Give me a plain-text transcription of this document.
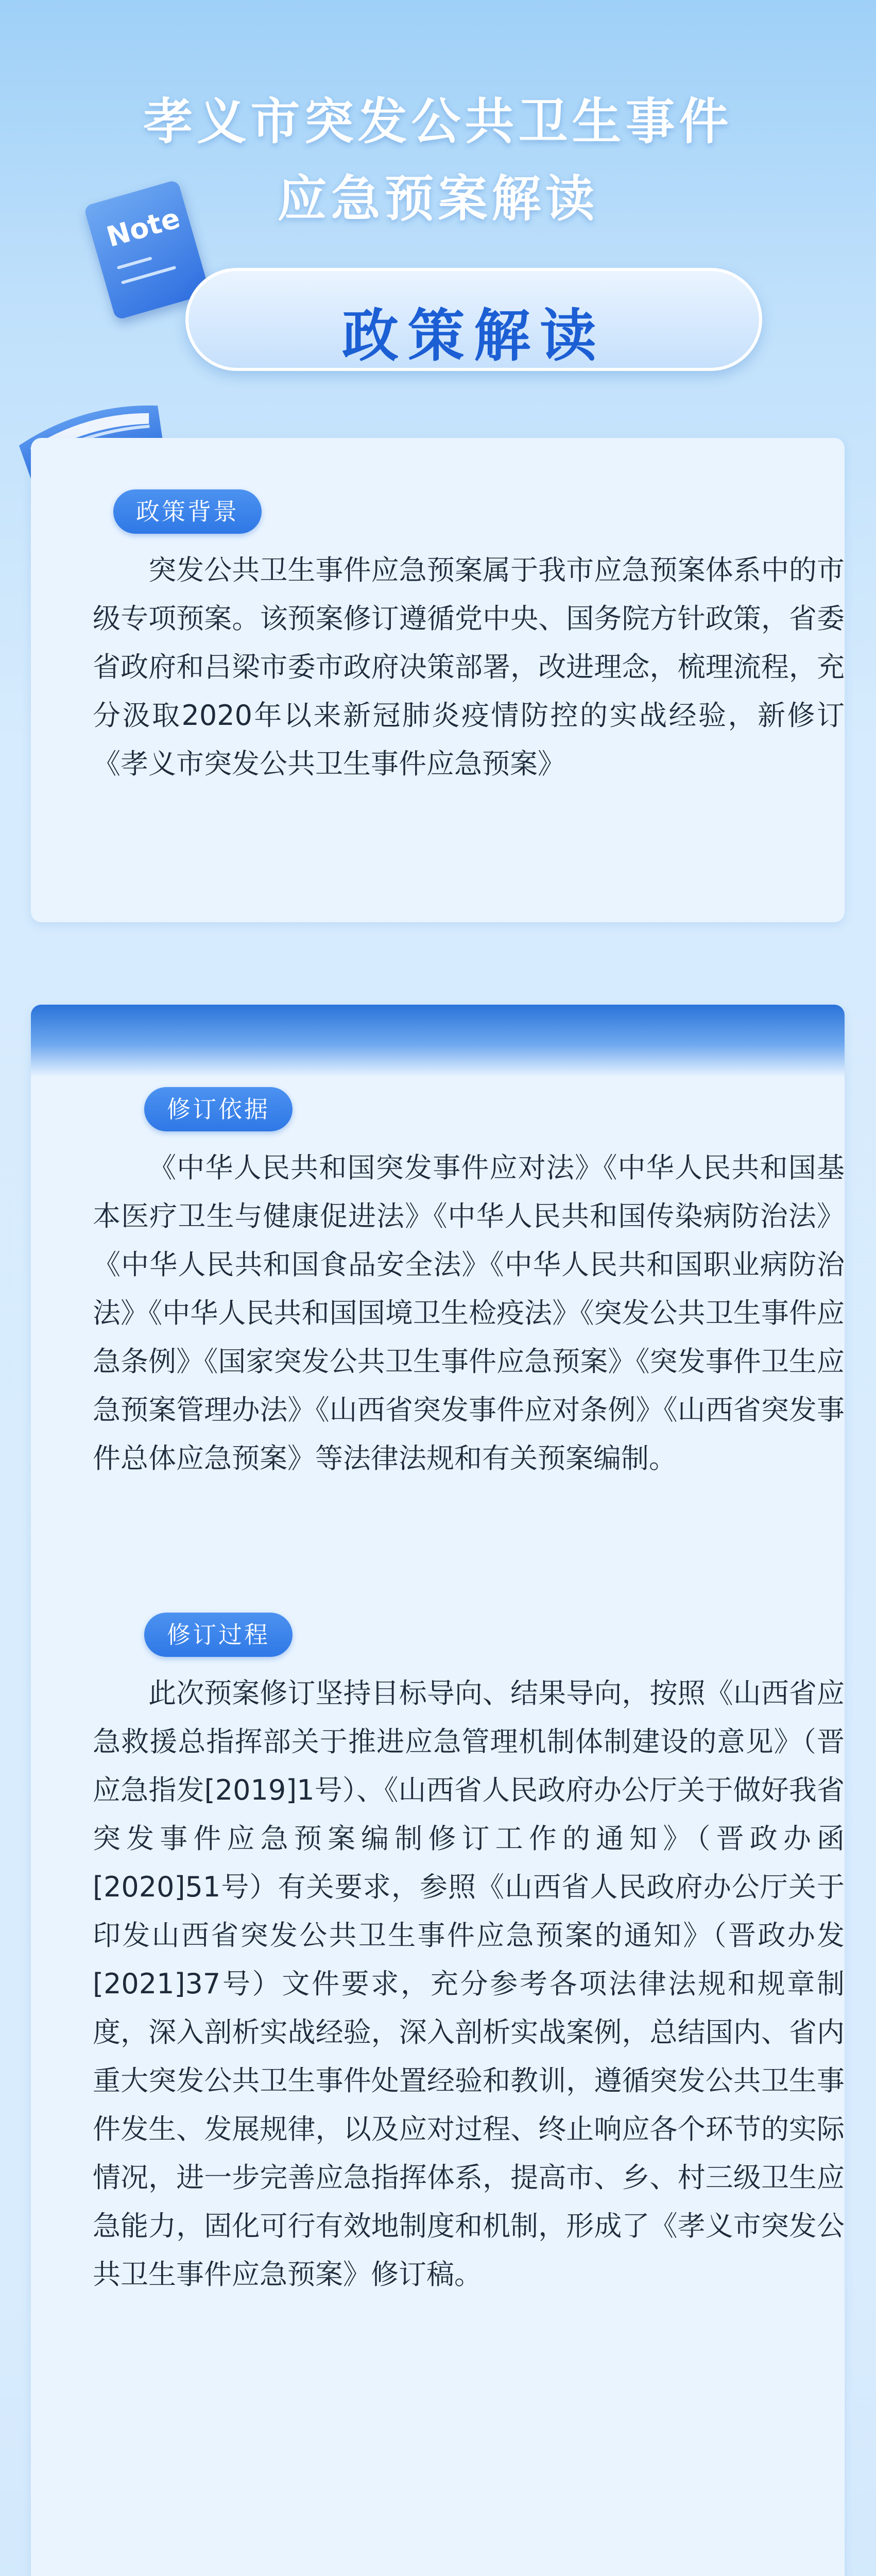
孝义市突发公共卫生事件
应急预案解读
Note
政策解读
政策背景
突发公共卫生事件应急预案属于我市应急预案体系中的市级专项预案。该预案修订遵循党中央、国务院方针政策，省委省政府和吕梁市委市政府决策部署，改进理念，梳理流程，充分汲取2020年以来新冠肺炎疫情防控的实战经验，新修订《孝义市突发公共卫生事件应急预案》
修订依据
《中华人民共和国突发事件应对法》《中华人民共和国基本医疗卫生与健康促进法》《中华人民共和国传染病防治法》《中华人民共和国食品安全法》《中华人民共和国职业病防治法》《中华人民共和国国境卫生检疫法》《突发公共卫生事件应急条例》《国家突发公共卫生事件应急预案》《突发事件卫生应急预案管理办法》《山西省突发事件应对条例》《山西省突发事件总体应急预案》等法律法规和有关预案编制。
修订过程
此次预案修订坚持目标导向、结果导向，按照《山西省应急救援总指挥部关于推进应急管理机制体制建设的意见》（晋应急指发[2019]1号）、《山西省人民政府办公厅关于做好我省突发事件应急预案编制修订工作的通知》（晋政办函[2020]51号）有关要求，参照《山西省人民政府办公厅关于印发山西省突发公共卫生事件应急预案的通知》（晋政办发[2021]37号）文件要求，充分参考各项法律法规和规章制度，深入剖析实战经验，深入剖析实战案例，总结国内、省内重大突发公共卫生事件处置经验和教训，遵循突发公共卫生事件发生、发展规律，以及应对过程、终止响应各个环节的实际情况，进一步完善应急指挥体系，提高市、乡、村三级卫生应急能力，固化可行有效地制度和机制，形成了《孝义市突发公共卫生事件应急预案》修订稿。
